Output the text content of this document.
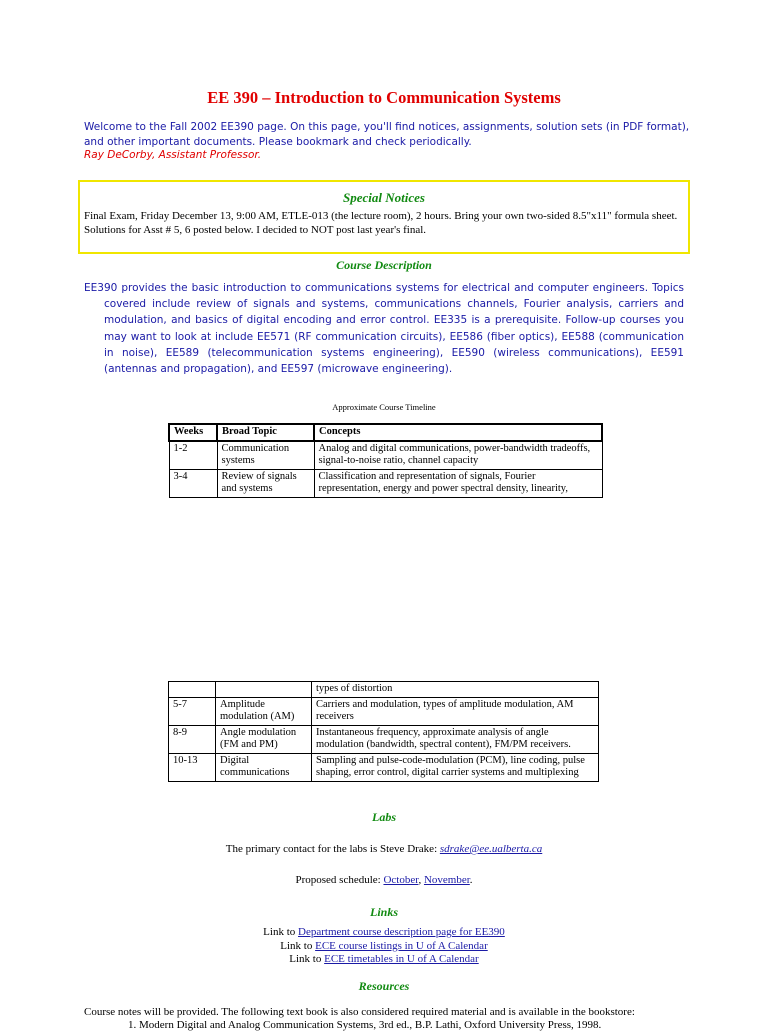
EE 390 – Introduction to Communication Systems
Welcome to the Fall 2002 EE390 page. On this page, you'll find notices, assignments, solution sets (in PDF format), and other important documents. Please bookmark and check periodically.
Ray DeCorby, Assistant Professor.
Special Notices
Final Exam, Friday December 13, 9:00 AM, ETLE-013 (the lecture room), 2 hours. Bring your own two-sided 8.5"x11" formula sheet.
Solutions for Asst # 5, 6 posted below. I decided to NOT post last year's final.
Course Description
EE390 provides the basic introduction to communications systems for electrical and computer engineers. Topics covered include review of signals and systems, communications channels, Fourier analysis, carriers and modulation, and basics of digital encoding and error control. EE335 is a prerequisite. Follow-up courses you may want to look at include EE571 (RF communication circuits), EE586 (fiber optics), EE588 (communication in noise), EE589 (telecommunication systems engineering), EE590 (wireless communications), EE591 (antennas and propagation), and EE597 (microwave engineering).
Approximate Course Timeline
Weeks	Broad Topic	Concepts
1-2	Communication systems	Analog and digital communications, power-bandwidth tradeoffs, signal-to-noise ratio, channel capacity
3-4	Review of signals and systems	Classification and representation of signals, Fourier representation, energy and power spectral density, linearity,
		types of distortion
5-7	Amplitude modulation (AM)	Carriers and modulation, types of amplitude modulation, AM receivers
8-9	Angle modulation (FM and PM)	Instantaneous frequency, approximate analysis of angle modulation (bandwidth, spectral content), FM/PM receivers.
10-13	Digital communications	Sampling and pulse-code-modulation (PCM), line coding, pulse shaping, error control, digital carrier systems and multiplexing
Labs
The primary contact for the labs is Steve Drake: sdrake@ee.ualberta.ca
Proposed schedule: October, November.
Links
Link to Department course description page for EE390
Link to ECE course listings in U of A Calendar
Link to ECE timetables in U of A Calendar
Resources
Course notes will be provided. The following text book is also considered required material and is available in the bookstore:
1. Modern Digital and Analog Communication Systems, 3rd ed., B.P. Lathi, Oxford University Press, 1998.
